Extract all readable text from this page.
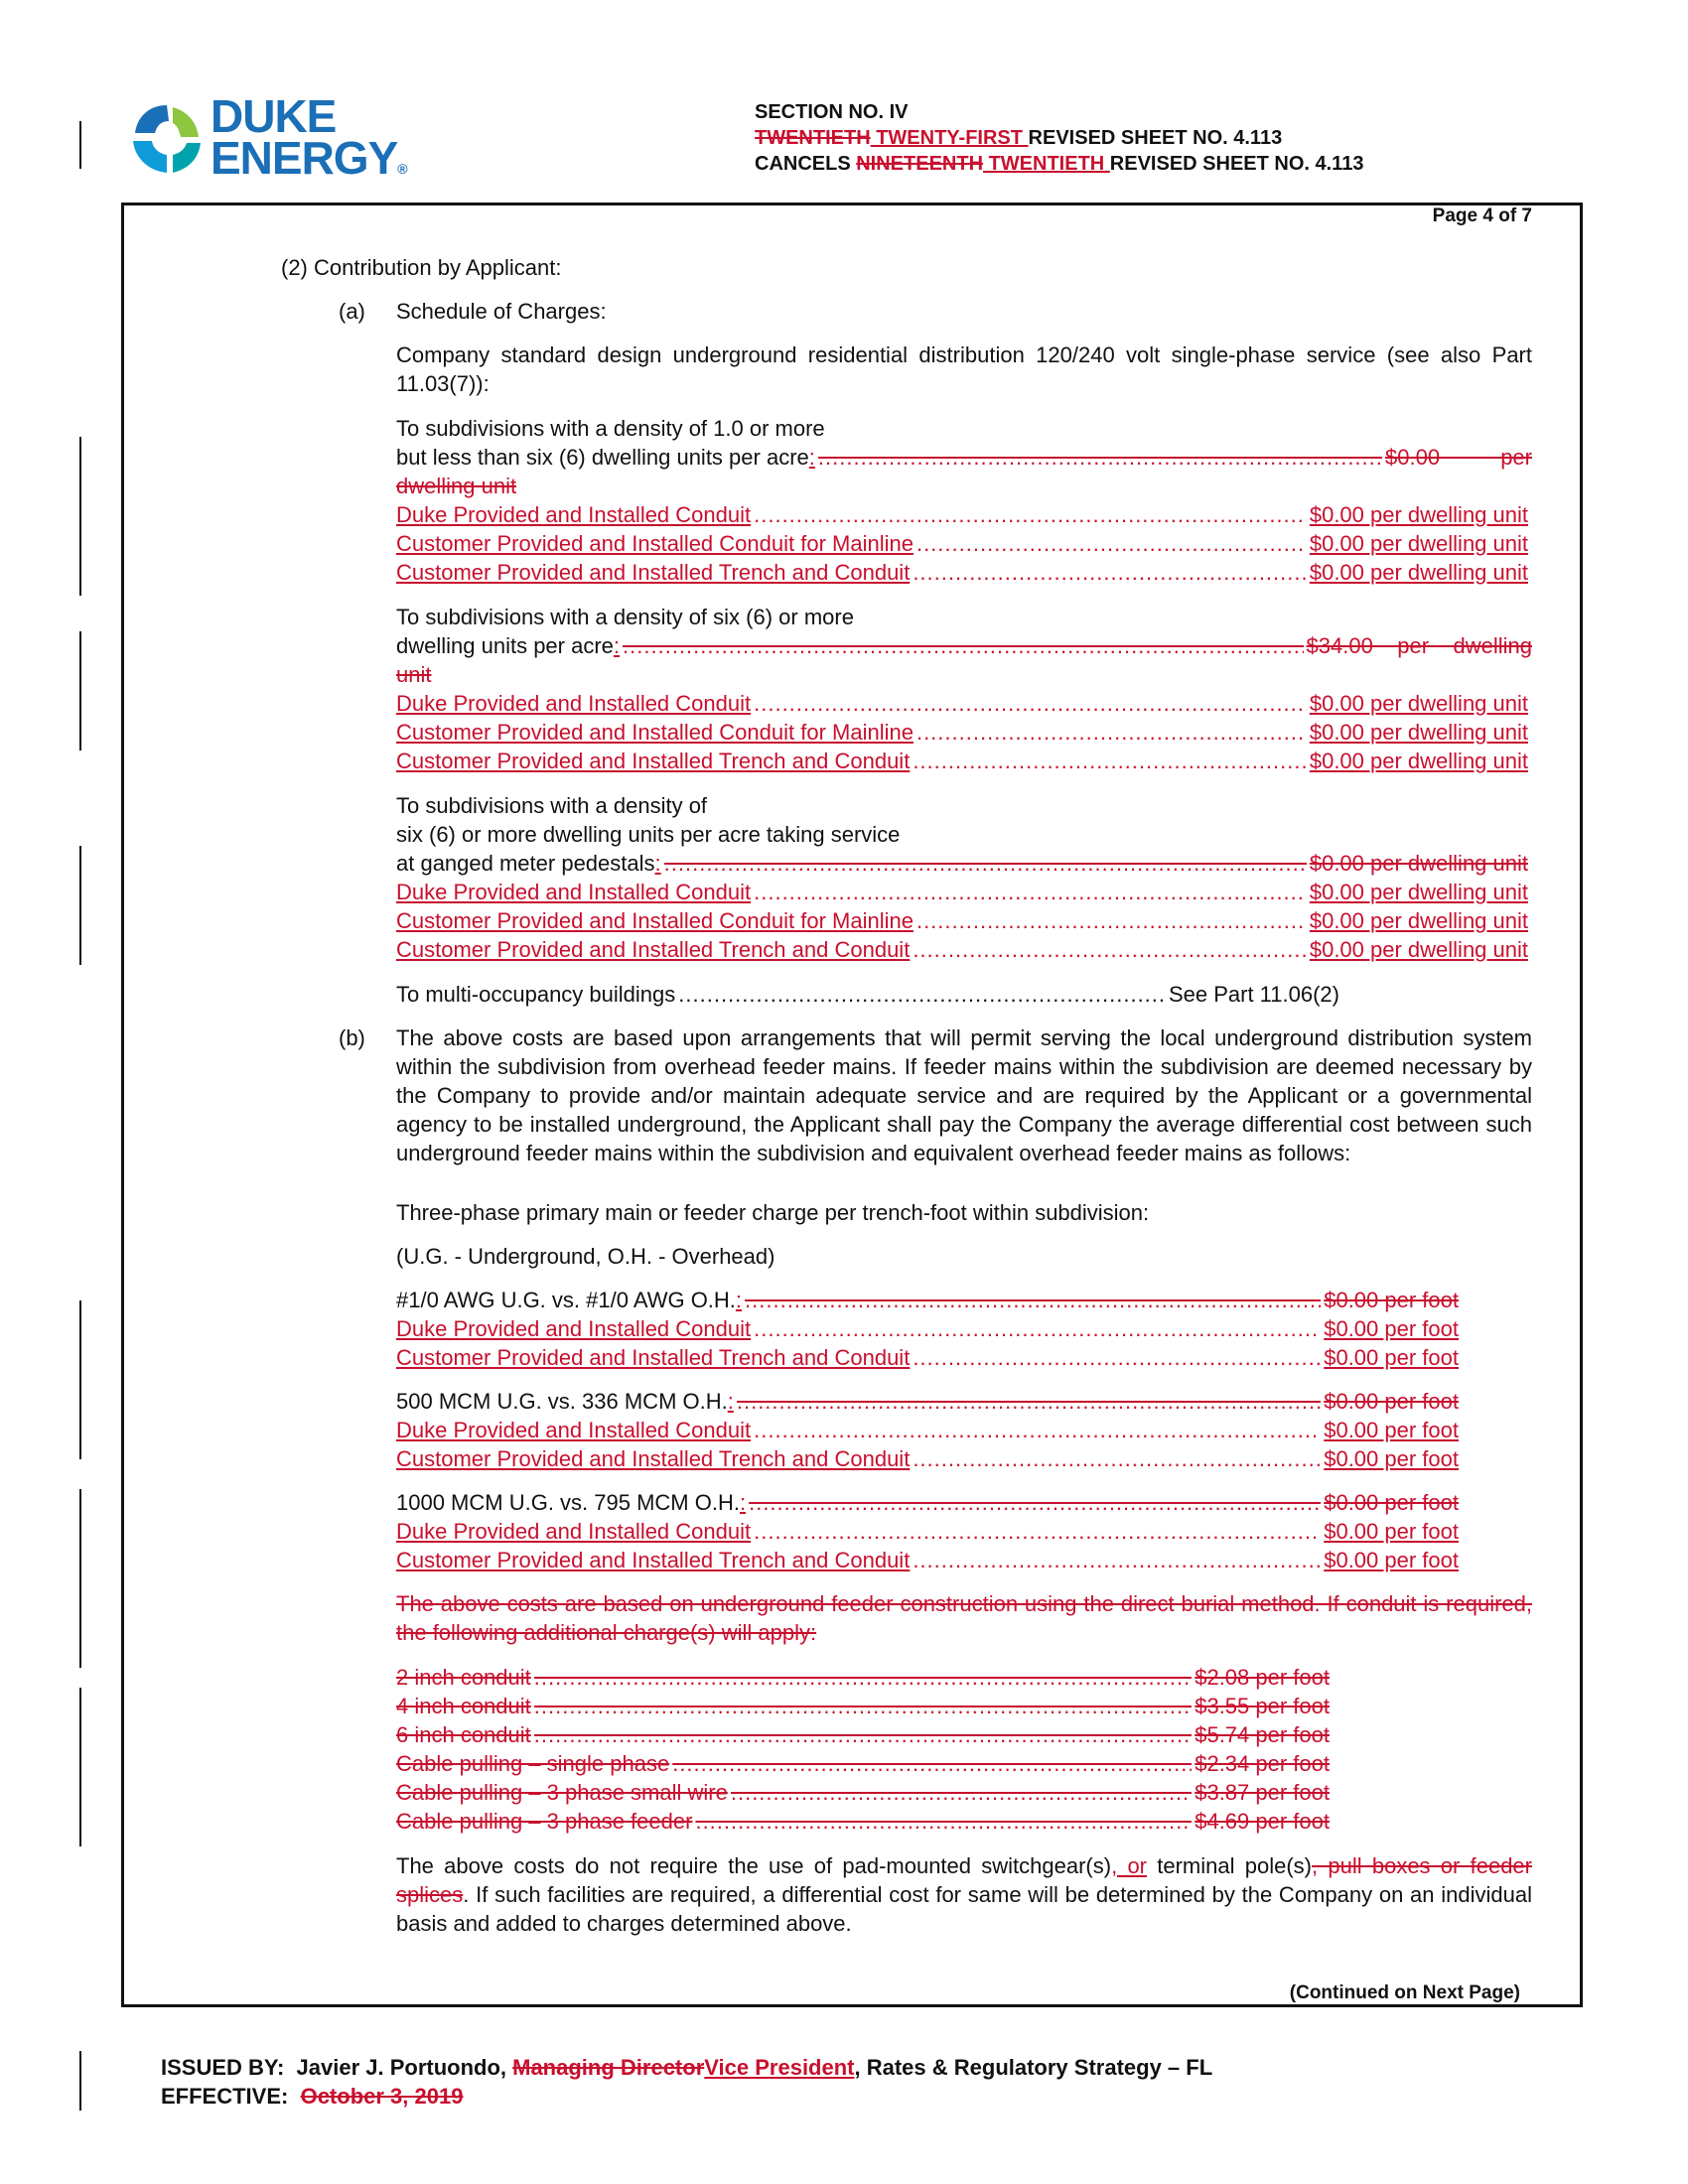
DUKE
ENERGY®
SECTION NO. IV
TWENTIETH TWENTY-FIRST REVISED SHEET NO. 4.113
CANCELS NINETEENTH TWENTIETH REVISED SHEET NO. 4.113
Page 4 of 7
(2) Contribution by Applicant:
(a) Schedule of Charges:
Company standard design underground residential distribution 120/240 volt single-phase service (see also Part 11.03(7)):
To subdivisions with a density of 1.0 or more
but less than six (6) dwelling units per acre : .....	$0.00          per
dwelling unit
Duke Provided and Installed Conduit .....	$0.00 per dwelling unit
Customer Provided and Installed Conduit for Mainline .....	$0.00 per dwelling unit
Customer Provided and Installed Trench and Conduit .....	$0.00 per dwelling unit
To subdivisions with a density of six (6) or more
dwelling units per acre : .....	$34.00    per    dwelling
unit
Duke Provided and Installed Conduit .....	$0.00 per dwelling unit
Customer Provided and Installed Conduit for Mainline .....	$0.00 per dwelling unit
Customer Provided and Installed Trench and Conduit .....	$0.00 per dwelling unit
To subdivisions with a density of
six (6) or more dwelling units per acre taking service
at ganged meter pedestals : .....	$0.00 per dwelling unit
Duke Provided and Installed Conduit .....	$0.00 per dwelling unit
Customer Provided and Installed Conduit for Mainline .....	$0.00 per dwelling unit
Customer Provided and Installed Trench and Conduit .....	$0.00 per dwelling unit
To multi-occupancy buildings .....	See Part 11.06(2)
(b) The above costs are based upon arrangements that will permit serving the local underground distribution system within the subdivision from overhead feeder mains. If feeder mains within the subdivision are deemed necessary by the Company to provide and/or maintain adequate service and are required by the Applicant or a governmental agency to be installed underground, the Applicant shall pay the Company the average differential cost between such underground feeder mains within the subdivision and equivalent overhead feeder mains as follows:
Three-phase primary main or feeder charge per trench-foot within subdivision:
(U.G. - Underground, O.H. - Overhead)
#1/0 AWG U.G. vs. #1/0 AWG O.H. : .....	$0.00 per foot
Duke Provided and Installed Conduit .....	$0.00 per foot
Customer Provided and Installed Trench and Conduit .....	$0.00 per foot
500 MCM U.G. vs. 336 MCM O.H. : .....	$0.00 per foot
Duke Provided and Installed Conduit .....	$0.00 per foot
Customer Provided and Installed Trench and Conduit .....	$0.00 per foot
1000 MCM U.G. vs. 795 MCM O.H. : .....	$0.00 per foot
Duke Provided and Installed Conduit .....	$0.00 per foot
Customer Provided and Installed Trench and Conduit .....	$0.00 per foot
The above costs are based on underground feeder construction using the direct burial method. If conduit is required, the following additional charge(s) will apply:
2 inch conduit .....	$2.08 per foot
4 inch conduit .....	$3.55 per foot
6 inch conduit .....	$5.74 per foot
Cable pulling – single phase .....	$2.34 per foot
Cable pulling – 3 phase small wire .....	$3.87 per foot
Cable pulling – 3 phase feeder .....	$4.69 per foot
The above costs do not require the use of pad-mounted switchgear(s), or terminal pole(s), pull boxes or feeder splices. If such facilities are required, a differential cost for same will be determined by the Company on an individual basis and added to charges determined above.
(Continued on Next Page)
ISSUED BY: Javier J. Portuondo, Managing DirectorVice President, Rates & Regulatory Strategy – FL
EFFECTIVE: October 3, 2019
